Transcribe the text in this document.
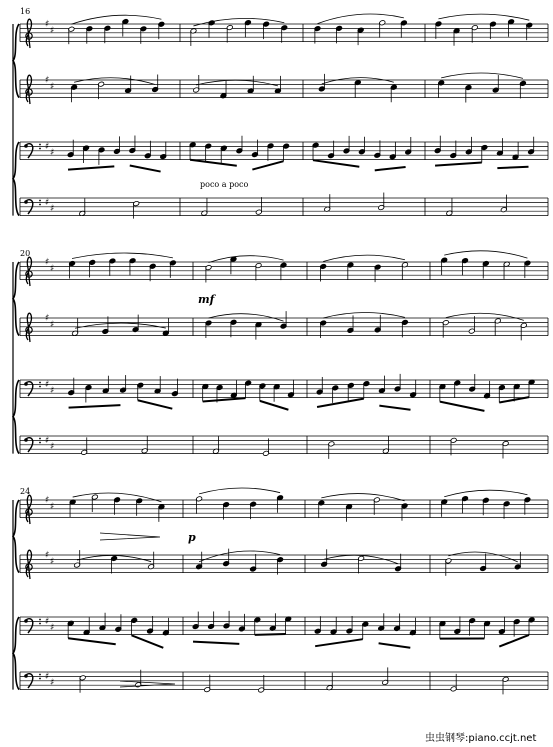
♯
♯
♯
♯
♯
♯
♯
♯
♯
♯
♯
♯
♯
♯
♯
♯
♯
♯
♯
♯
♯
♯
♯
♯
16
20
24
poco a poco
mf
p
虫虫钢琴:piano.ccjt.net
